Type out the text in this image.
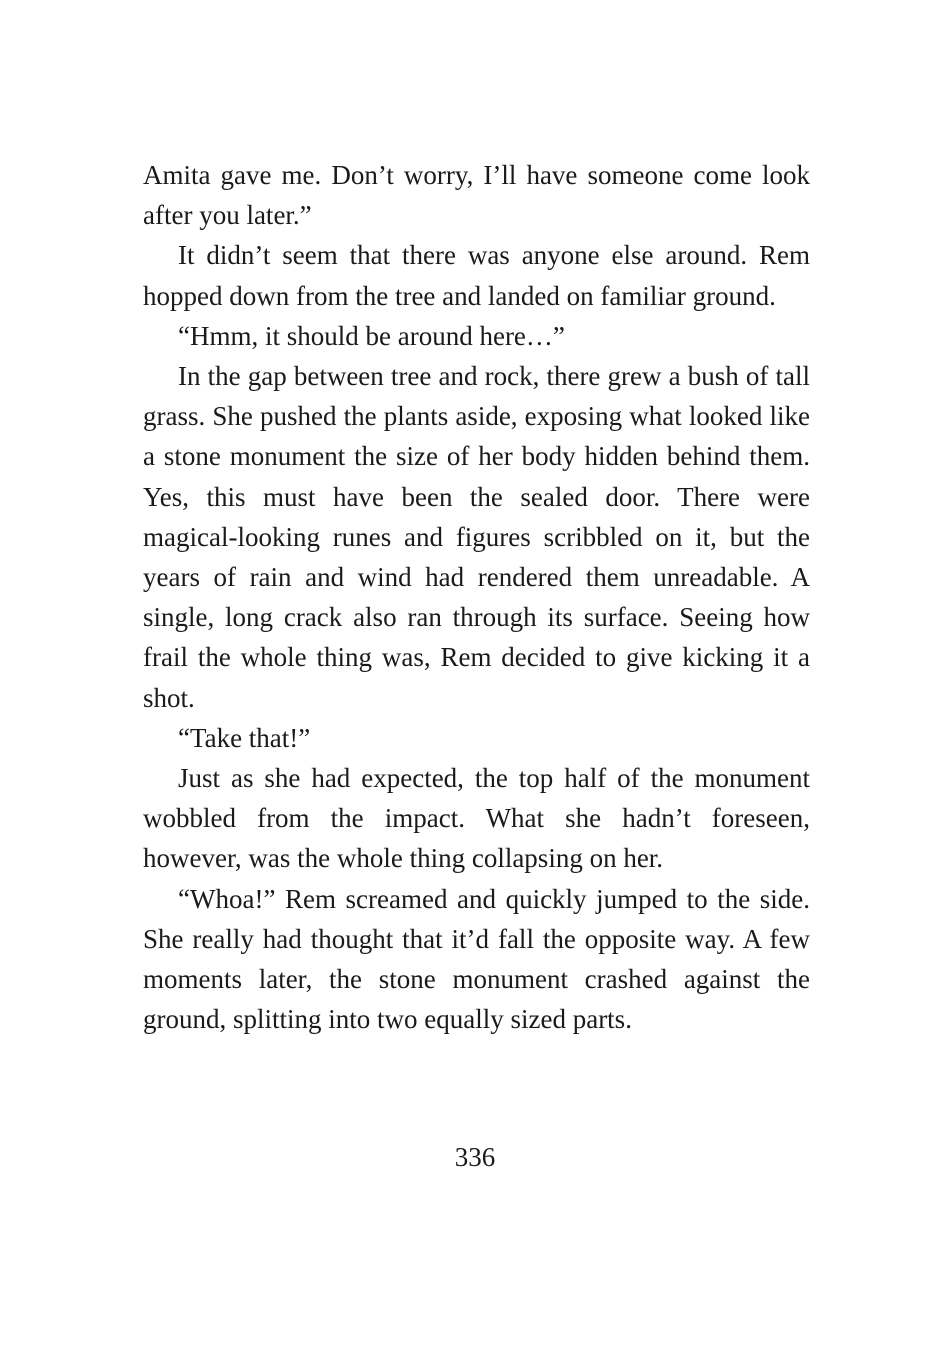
Amita gave me. Don’t worry, I’ll have someone come look after you later.”

It didn’t seem that there was anyone else around. Rem hopped down from the tree and landed on familiar ground.

“Hmm, it should be around here…”

In the gap between tree and rock, there grew a bush of tall grass. She pushed the plants aside, exposing what looked like a stone monument the size of her body hidden behind them. Yes, this must have been the sealed door. There were magical-looking runes and figures scribbled on it, but the years of rain and wind had rendered them unreadable. A single, long crack also ran through its surface. Seeing how frail the whole thing was, Rem decided to give kicking it a shot.

“Take that!”

Just as she had expected, the top half of the monument wobbled from the impact. What she hadn’t foreseen, however, was the whole thing collapsing on her.

“Whoa!” Rem screamed and quickly jumped to the side. She really had thought that it’d fall the opposite way. A few moments later, the stone monument crashed against the ground, splitting into two equally sized parts.

336
